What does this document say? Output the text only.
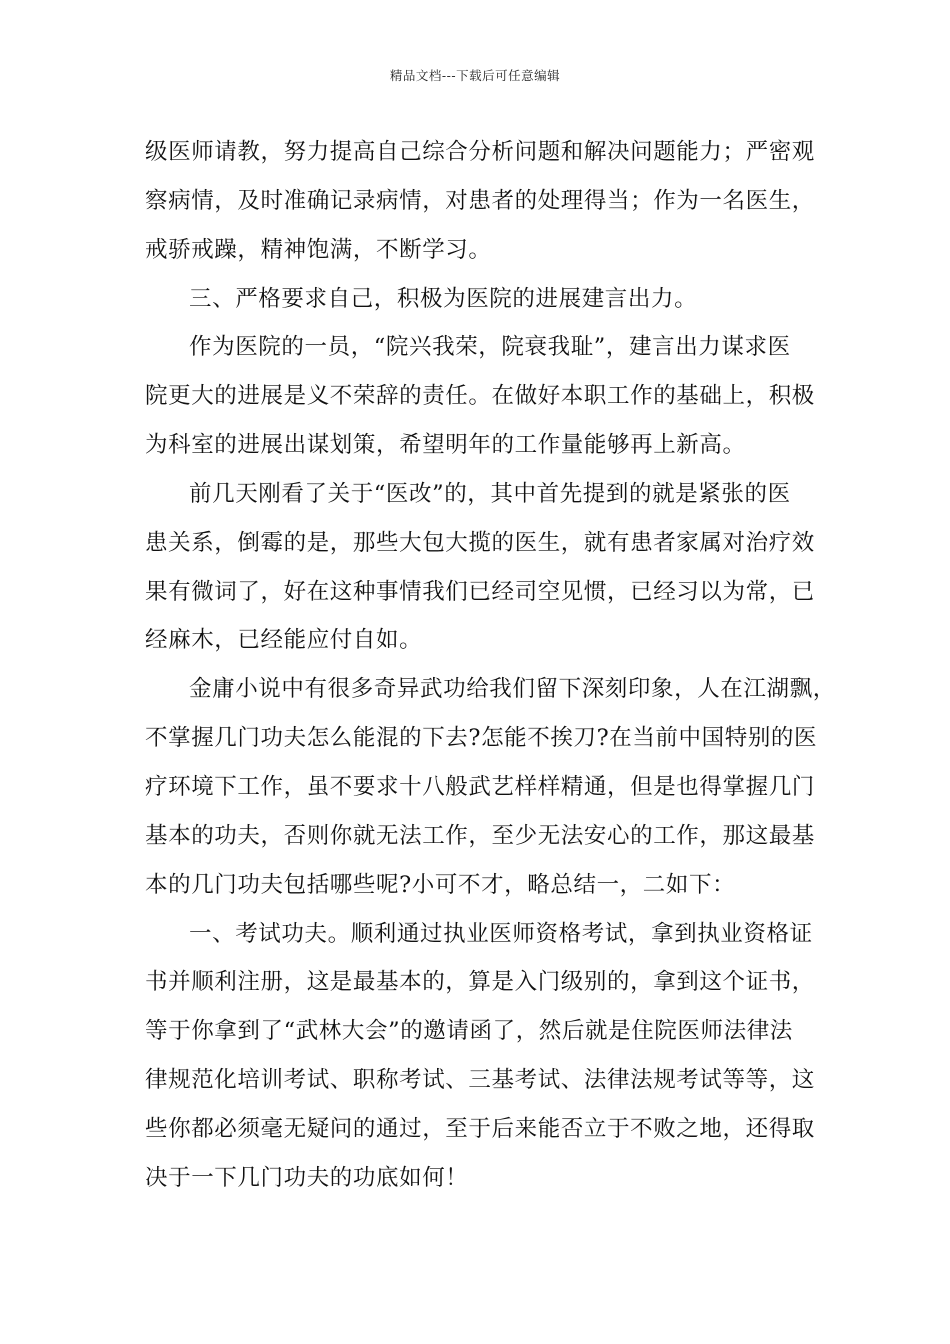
精品文档---下载后可任意编辑
级医师请教，努力提高自己综合分析问题和解决问题能力；严密观
察病情，及时准确记录病情，对患者的处理得当；作为一名医生，
戒骄戒躁，精神饱满，不断学习。
三、严格要求自己，积极为医院的进展建言出力。
作为医院的一员，“院兴我荣，院衰我耻”，建言出力谋求医
院更大的进展是义不荣辞的责任。在做好本职工作的基础上，积极
为科室的进展出谋划策，希望明年的工作量能够再上新高。
前几天刚看了关于“医改”的，其中首先提到的就是紧张的医
患关系，倒霉的是，那些大包大揽的医生，就有患者家属对治疗效
果有微词了，好在这种事情我们已经司空见惯，已经习以为常，已
经麻木，已经能应付自如。
金庸小说中有很多奇异武功给我们留下深刻印象，人在江湖飘，
不掌握几门功夫怎么能混的下去?怎能不挨刀?在当前中国特别的医
疗环境下工作，虽不要求十八般武艺样样精通，但是也得掌握几门
基本的功夫，否则你就无法工作，至少无法安心的工作，那这最基
本的几门功夫包括哪些呢?小可不才，略总结一，二如下：
一、考试功夫。顺利通过执业医师资格考试，拿到执业资格证
书并顺利注册，这是最基本的，算是入门级别的，拿到这个证书，
等于你拿到了“武林大会”的邀请函了，然后就是住院医师法律法
律规范化培训考试、职称考试、三基考试、法律法规考试等等，这
些你都必须毫无疑问的通过，至于后来能否立于不败之地，还得取
决于一下几门功夫的功底如何！
